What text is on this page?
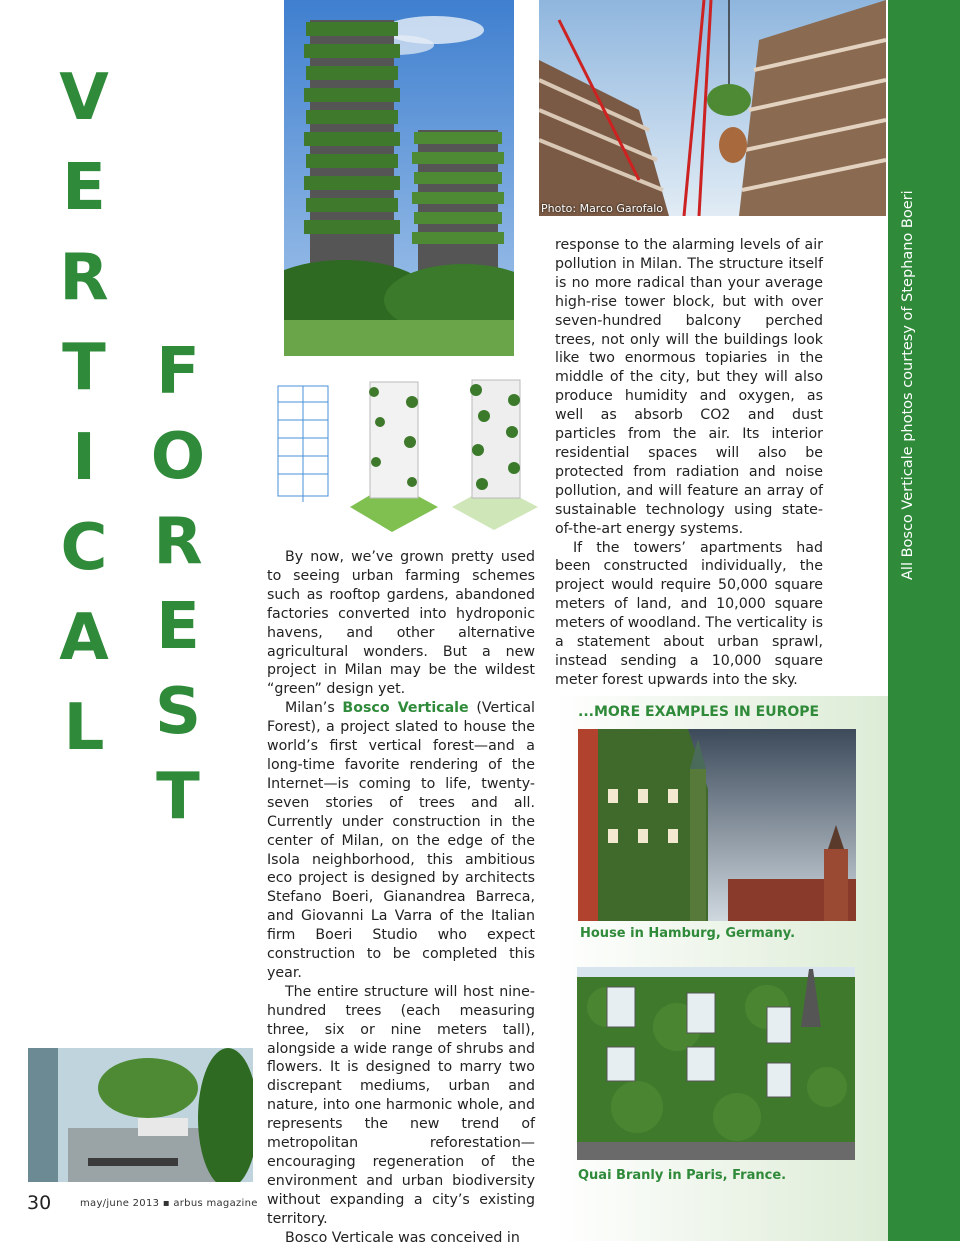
V
E
R
T
I
C
A
L
F
O
R
E
S
T
All Bosco Verticale photos courtesy of Stephano Boeri
Photo: Marco Garofalo

By now, we’ve grown pretty used to seeing urban farming schemes such as rooftop gardens, abandoned factories converted into hydroponic havens, and other alternative agricultural wonders. But a new project in Milan may be the wildest “green” design yet.

Milan’s Bosco Verticale (Vertical Forest), a project slated to house the world’s first vertical forest—and a long-time favorite rendering of the Internet—is coming to life, twenty-seven stories of trees and all. Currently under construction in the center of Milan, on the edge of the Isola neighborhood, this ambitious eco project is designed by architects Stefano Boeri, Gianandrea Barreca, and Giovanni La Varra of the Italian firm Boeri Studio who expect construction to be completed this year.

The entire structure will host nine-hundred trees (each measuring three, six or nine meters tall), alongside a wide range of shrubs and flowers. It is designed to marry two discrepant mediums, urban and nature, into one harmonic whole, and represents the new trend of metropolitan reforestation—encouraging regeneration of the environment and urban biodiversity without expanding a city’s existing territory.

Bosco Verticale was conceived in

response to the alarming levels of air pollution in Milan. The structure itself is no more radical than your average high-rise tower block, but with over seven-hundred balcony perched trees, not only will the buildings look like two enormous topiaries in the middle of the city, but they will also produce humidity and oxygen, as well as absorb CO2 and dust particles from the air. Its interior residential spaces will also be protected from radiation and noise pollution, and will feature an array of sustainable technology using state-of-the-art energy systems.

If the towers’ apartments had been constructed individually, the project would require 50,000 square meters of land, and 10,000 square meters of woodland. The verticality is a statement about urban sprawl, instead sending a 10,000 square meter forest upwards into the sky.

...MORE EXAMPLES IN EUROPE
House in Hamburg, Germany.
Quai Branly in Paris, France.
30	may/june 2013 ▪ arbus magazine
